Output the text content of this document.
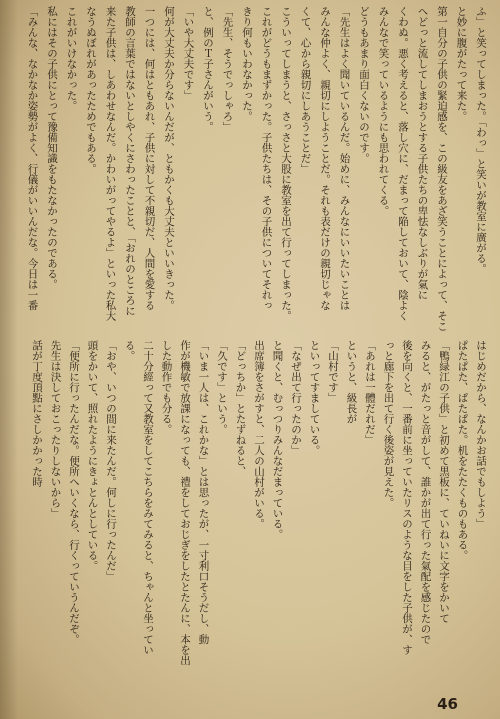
ふ」と笑ってしまった。「わっ」と笑いが教室に廣がる。

と妙に腹がたって来た。

第一自分の子供の緊迫感を、この級友をあざ笑うことによって、そこ

へどっと流してしまおうとする子供たちの卑怯なしぶりが氣に

くわぬ。悪く考えると、落し穴に、だまって陥しておいて、陰よく

みんなで笑っているようにも思われてくる。

どうもあまり面白くないのです。

「先生はよく聞いているんだ。始めに、みんなにいいたいことは

みんな仲よく、親切にしようことだ。それも表だけの親切じゃな

くて、心から親切にしあうことだ」

こういってしまうと、さっさと大股に教室を出て行ってしまった。

これがどうもまずかった。子供たちは、その子供についてそれっ

きり何もいわなかった。

「先生、そうでっしゃろ」

と、例のＴ子さんがいう。

「いや大丈夫です」

何が大丈夫か分らないんだが、ともかくも大丈夫といいきった。

一つには、何はともあれ、子供に対して不親切だ、人間を愛する

教師の言葉ではないとしやくにさわったことと、「おれのところに

来た子供は、しあわせなんだ。かわいがってやるよ」といった私大

なうぬぼれがあったためでもある。

これがいけなかった。

私にはその子供にとって豫備知識をもたなかったのである。

「みんな、なかなか姿勢がよく、行儀がいいんだな。今日は一番

はじめだから、なんかお話でもしよう」

ぱたぱた、ぱたぱた。机をたたくものもある。

「鴨緑江の子供」と初めて黒板に、ていねいに文字をかいて

みると、がたっと音がして、誰かが出て行った氣配を感じたので

後を向くと、一番前に坐っていたリスのような目をした子供が、す

っと廊下を出て行く後姿が見えた。

「あれは一體だれだ」

というと、級長が

「山村です」

といってすましている。

「なぜ出て行ったのか」

と聞くと、むっつりみんなだまっている。

出席簿をさがすと、二人の山村がいる。

「どっちか」とたずねると、

「久です」という。

「いま一人は、これかな」とは思ったが、一寸利口そうだし、動

作が機敏で放課になっても、禮をしておじぎをしたとたんに、本を出

した動作でも分る。

二十分經って又教室をしてこちらをみてみると、ちゃんと坐ってい

る。

「おや、いつの間に来たんだ。何しに行ったんだ」

頭をかいて、照れたようにきょとんとしている。

「便所に行ったんだな。便所へいくなら、行くっていうんだぞ。

先生は決しておこったりしないから」

話が丁度頂點にさしかかった時

46
